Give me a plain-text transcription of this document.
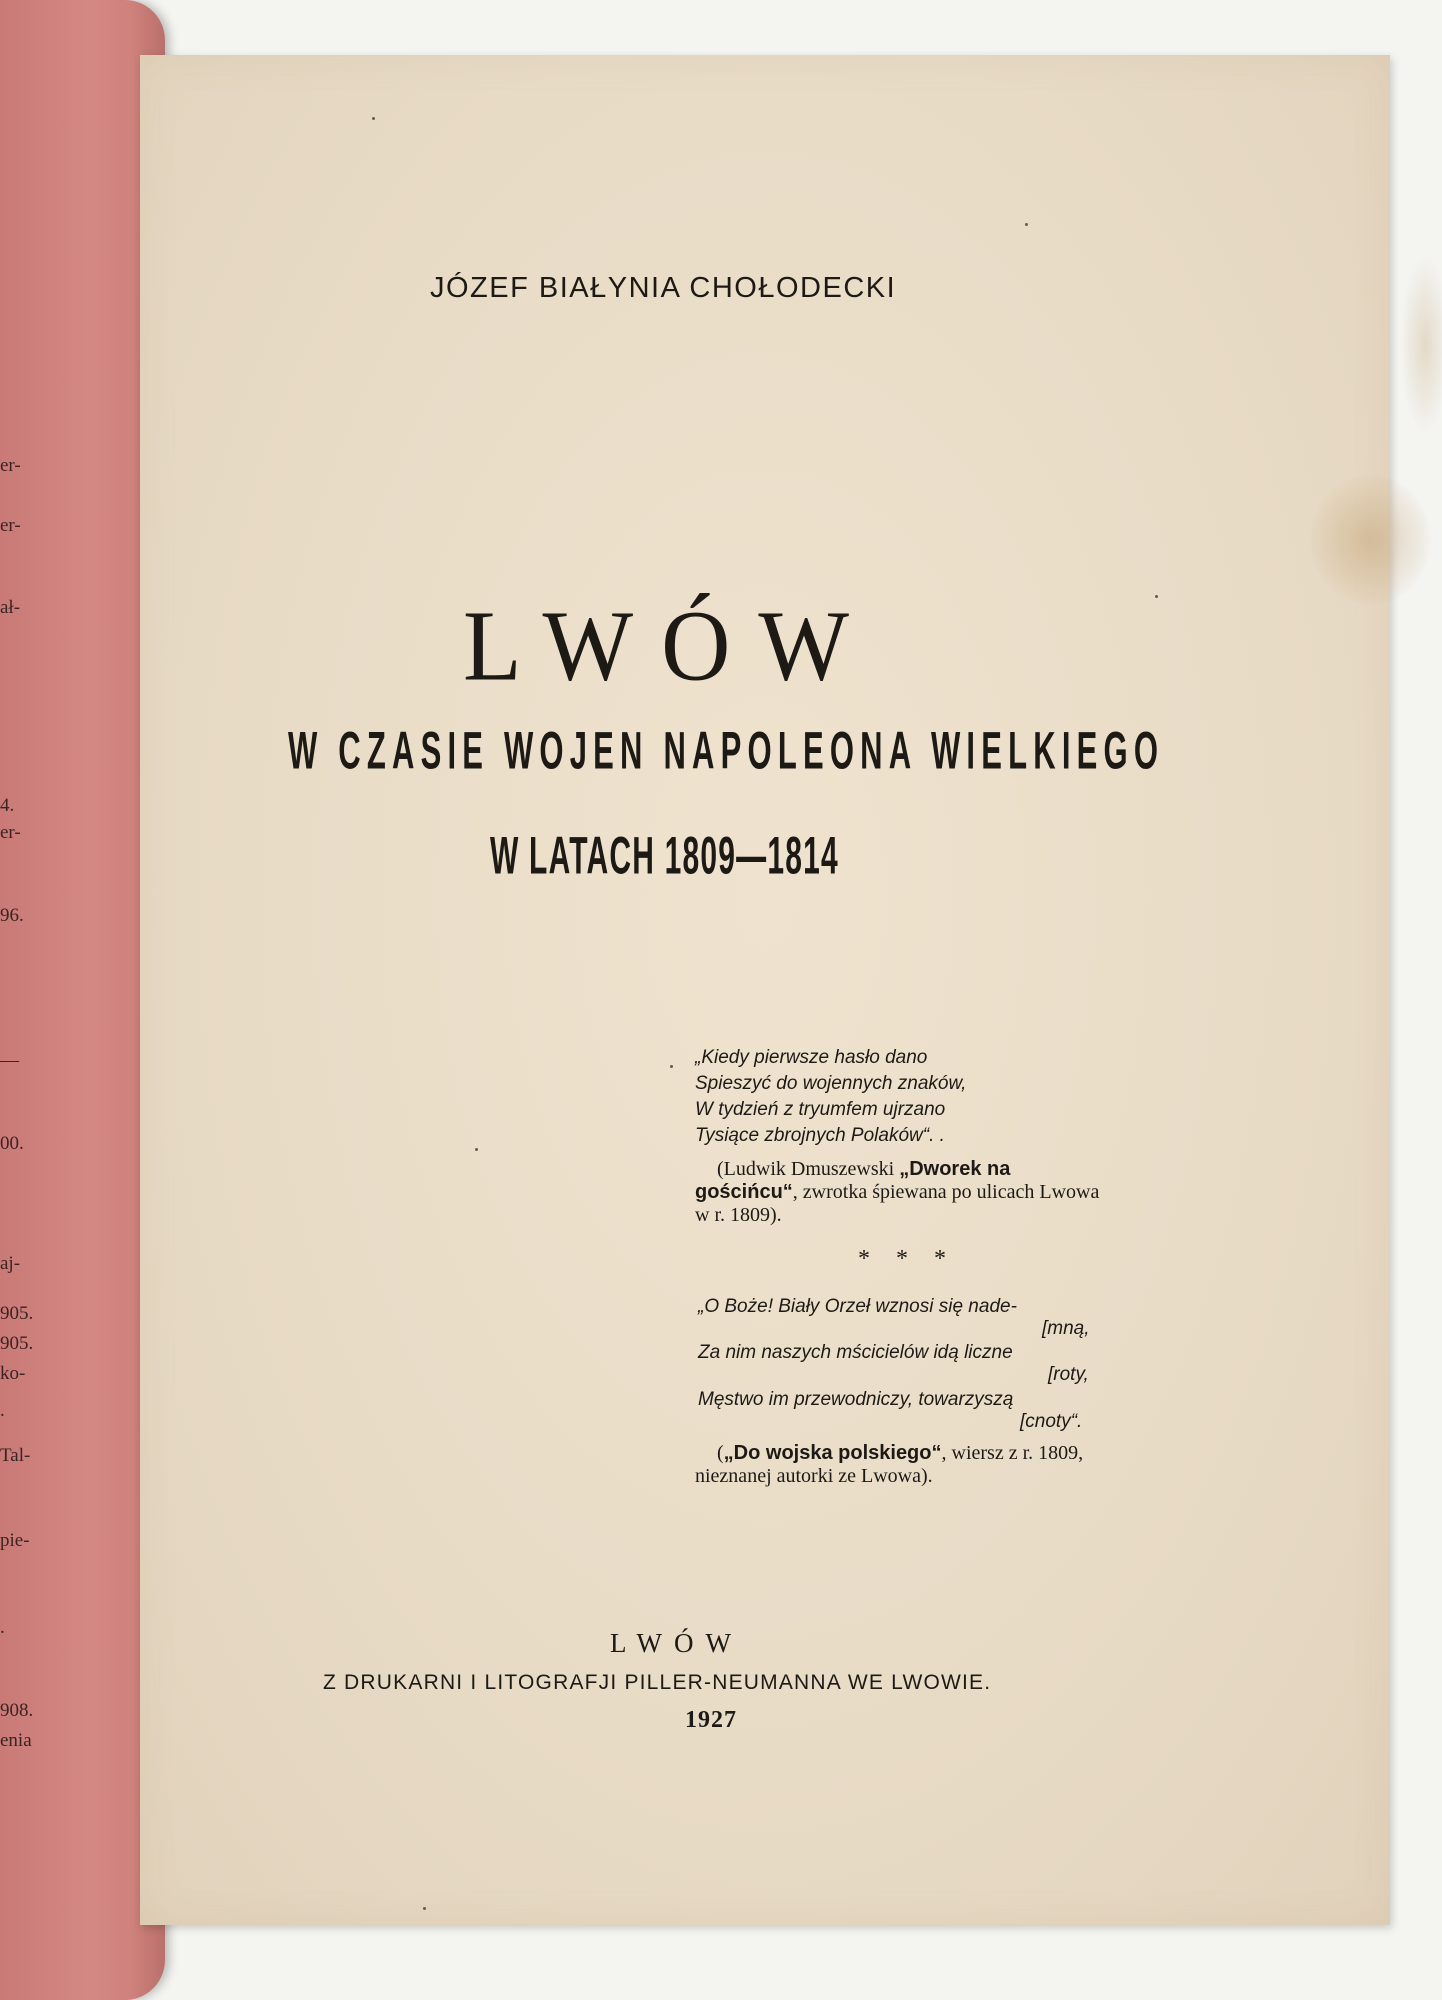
er-
er-
ał-
4.
er-
96.
—
00.
aj-
905.
905.
ko-
.
Tal-
pie-
.
908.
enia
JÓZEF BIAŁYNIA CHOŁODECKI
LWÓW
W CZASIE WOJEN NAPOLEONA WIELKIEGO
W LATACH 1809—1814
„Kiedy pierwsze hasło dano
Spieszyć do wojennych znaków,
W tydzień z tryumfem ujrzano
Tysiące zbrojnych Polaków“. .
(Ludwik Dmuszewski „Dworek na gościńcu“, zwrotka śpiewana po ulicach Lwowa w r. 1809).
* * *
„O Boże! Biały Orzeł wznosi się nade-
[mną,
Za nim naszych mścicielów idą liczne
[roty,
Męstwo im przewodniczy, towarzyszą
[cnoty“.
(„Do wojska polskiego“, wiersz z r. 1809, nieznanej autorki ze Lwowa).
LWÓW
Z DRUKARNI I LITOGRAFJI PILLER-NEUMANNA WE LWOWIE.
1927
